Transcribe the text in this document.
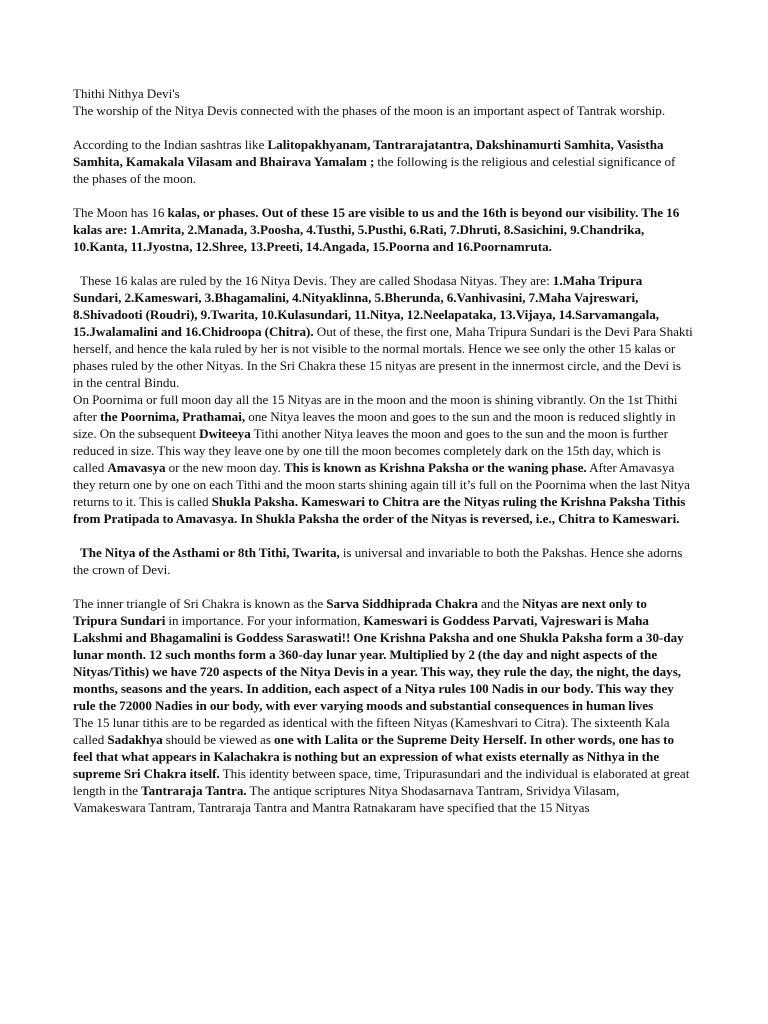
Thithi Nithya Devi's

The worship of the Nitya Devis connected with the phases of the moon is an important aspect of Tantrak worship.

According to the Indian sashtras like Lalitopakhyanam, Tantrarajatantra, Dakshinamurti Samhita, Vasistha Samhita, Kamakala Vilasam and Bhairava Yamalam ; the following is the religious and celestial significance of the phases of the moon.

The Moon has 16 kalas, or phases. Out of these 15 are visible to us and the 16th is beyond our visibility. The 16 kalas are: 1.Amrita, 2.Manada, 3.Poosha, 4.Tusthi, 5.Pusthi, 6.Rati, 7.Dhruti, 8.Sasichini, 9.Chandrika, 10.Kanta, 11.Jyostna, 12.Shree, 13.Preeti, 14.Angada, 15.Poorna and 16.Poornamruta.

These 16 kalas are ruled by the 16 Nitya Devis. They are called Shodasa Nityas. They are: 1.Maha Tripura Sundari, 2.Kameswari, 3.Bhagamalini, 4.Nityaklinna, 5.Bherunda, 6.Vanhivasini, 7.Maha Vajreswari, 8.Shivadooti (Roudri), 9.Twarita, 10.Kulasundari, 11.Nitya, 12.Neelapataka, 13.Vijaya, 14.Sarvamangala, 15.Jwalamalini and 16.Chidroopa (Chitra). Out of these, the first one, Maha Tripura Sundari is the Devi Para Shakti herself, and hence the kala ruled by her is not visible to the normal mortals. Hence we see only the other 15 kalas or phases ruled by the other Nityas. In the Sri Chakra these 15 nityas are present in the innermost circle, and the Devi is in the central Bindu.

On Poornima or full moon day all the 15 Nityas are in the moon and the moon is shining vibrantly. On the 1st Thithi after the Poornima, Prathamai, one Nitya leaves the moon and goes to the sun and the moon is reduced slightly in size. On the subsequent Dwiteeya Tithi another Nitya leaves the moon and goes to the sun and the moon is further reduced in size. This way they leave one by one till the moon becomes completely dark on the 15th day, which is called Amavasya or the new moon day. This is known as Krishna Paksha or the waning phase. After Amavasya they return one by one on each Tithi and the moon starts shining again till it’s full on the Poornima when the last Nitya returns to it. This is called Shukla Paksha. Kameswari to Chitra are the Nityas ruling the Krishna Paksha Tithis from Pratipada to Amavasya. In Shukla Paksha the order of the Nityas is reversed, i.e., Chitra to Kameswari.

The Nitya of the Asthami or 8th Tithi, Twarita, is universal and invariable to both the Pakshas. Hence she adorns the crown of Devi.

The inner triangle of Sri Chakra is known as the Sarva Siddhiprada Chakra and the Nityas are next only to Tripura Sundari in importance. For your information, Kameswari is Goddess Parvati, Vajreswari is Maha Lakshmi and Bhagamalini is Goddess Saraswati!! One Krishna Paksha and one Shukla Paksha form a 30-day lunar month. 12 such months form a 360-day lunar year. Multiplied by 2 (the day and night aspects of the Nityas/Tithis) we have 720 aspects of the Nitya Devis in a year. This way, they rule the day, the night, the days, months, seasons and the years. In addition, each aspect of a Nitya rules 100 Nadis in our body. This way they rule the 72000 Nadies in our body, with ever varying moods and substantial consequences in human lives

The 15 lunar tithis are to be regarded as identical with the fifteen Nityas (Kameshvari to Citra). The sixteenth Kala called Sadakhya should be viewed as one with Lalita or the Supreme Deity Herself. In other words, one has to feel that what appears in Kalachakra is nothing but an expression of what exists eternally as Nithya in the supreme Sri Chakra itself. This identity between space, time, Tripurasundari and the individual is elaborated at great length in the Tantraraja Tantra. The antique scriptures Nitya Shodasarnava Tantram, Srividya Vilasam, Vamakeswara Tantram, Tantraraja Tantra and Mantra Ratnakaram have specified that the 15 Nityas
